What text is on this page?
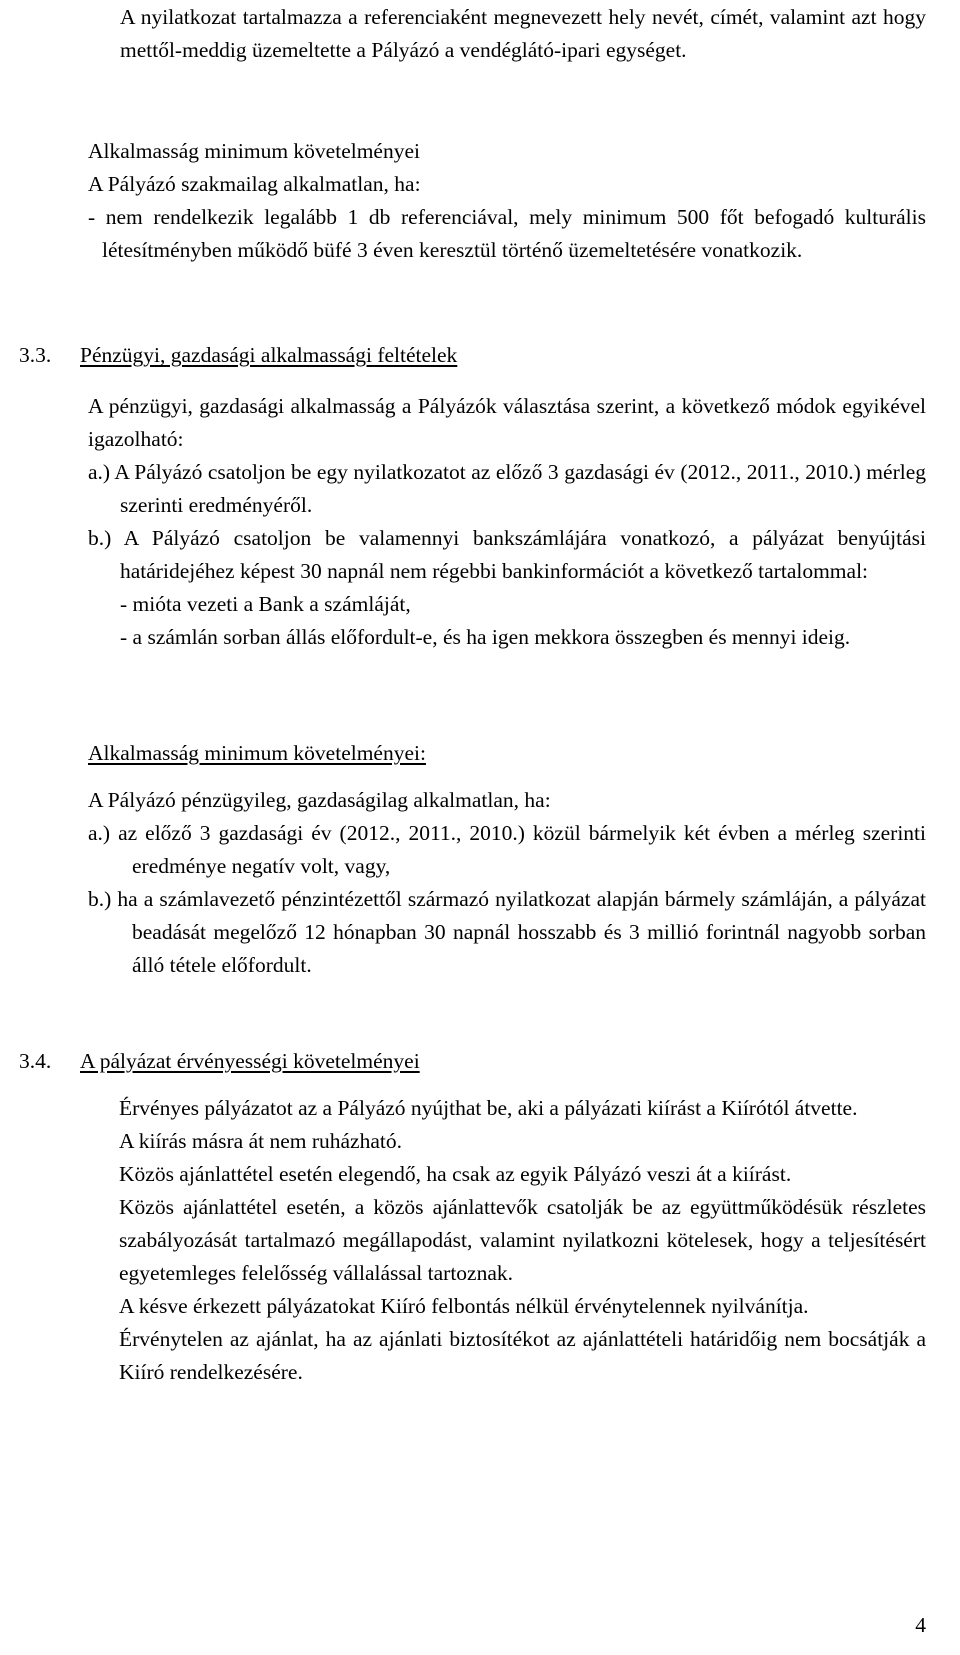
A nyilatkozat tartalmazza a referenciaként megnevezett hely nevét, címét, valamint azt hogy mettől-meddig üzemeltette a Pályázó a vendéglátó-ipari egységet.

Alkalmasság minimum követelményei

A Pályázó szakmailag alkalmatlan, ha:

- nem rendelkezik legalább 1 db referenciával, mely minimum 500 főt befogadó kulturális létesítményben működő büfé 3 éven keresztül történő üzemeltetésére vonatkozik.

3.3. Pénzügyi, gazdasági alkalmassági feltételek

A pénzügyi, gazdasági alkalmasság a Pályázók választása szerint, a következő módok egyikével igazolható:

a.) A Pályázó csatoljon be egy nyilatkozatot az előző 3 gazdasági év (2012., 2011., 2010.) mérleg szerinti eredményéről.

b.) A Pályázó csatoljon be valamennyi bankszámlájára vonatkozó, a pályázat benyújtási határidejéhez képest 30 napnál nem régebbi bankinformációt a következő tartalommal:

- mióta vezeti a Bank a számláját,

- a számlán sorban állás előfordult-e, és ha igen mekkora összegben és mennyi ideig.

Alkalmasság minimum követelményei:

A Pályázó pénzügyileg, gazdaságilag alkalmatlan, ha:

a.) az előző 3 gazdasági év (2012., 2011., 2010.) közül bármelyik két évben a mérleg szerinti eredménye negatív volt, vagy,

b.) ha a számlavezető pénzintézettől származó nyilatkozat alapján bármely számláján, a pályázat beadását megelőző 12 hónapban 30 napnál hosszabb és 3 millió forintnál nagyobb sorban álló tétele előfordult.

3.4. A pályázat érvényességi követelményei

Érvényes pályázatot az a Pályázó nyújthat be, aki a pályázati kiírást a Kiírótól átvette.

A kiírás másra át nem ruházható.

Közös ajánlattétel esetén elegendő, ha csak az egyik Pályázó veszi át a kiírást.

Közös ajánlattétel esetén, a közös ajánlattevők csatolják be az együttműködésük részletes szabályozását tartalmazó megállapodást, valamint nyilatkozni kötelesek, hogy a teljesítésért egyetemleges felelősség vállalással tartoznak.

A késve érkezett pályázatokat Kiíró felbontás nélkül érvénytelennek nyilvánítja.

Érvénytelen az ajánlat, ha az ajánlati biztosítékot az ajánlattételi határidőig nem bocsátják a Kiíró rendelkezésére.

4
